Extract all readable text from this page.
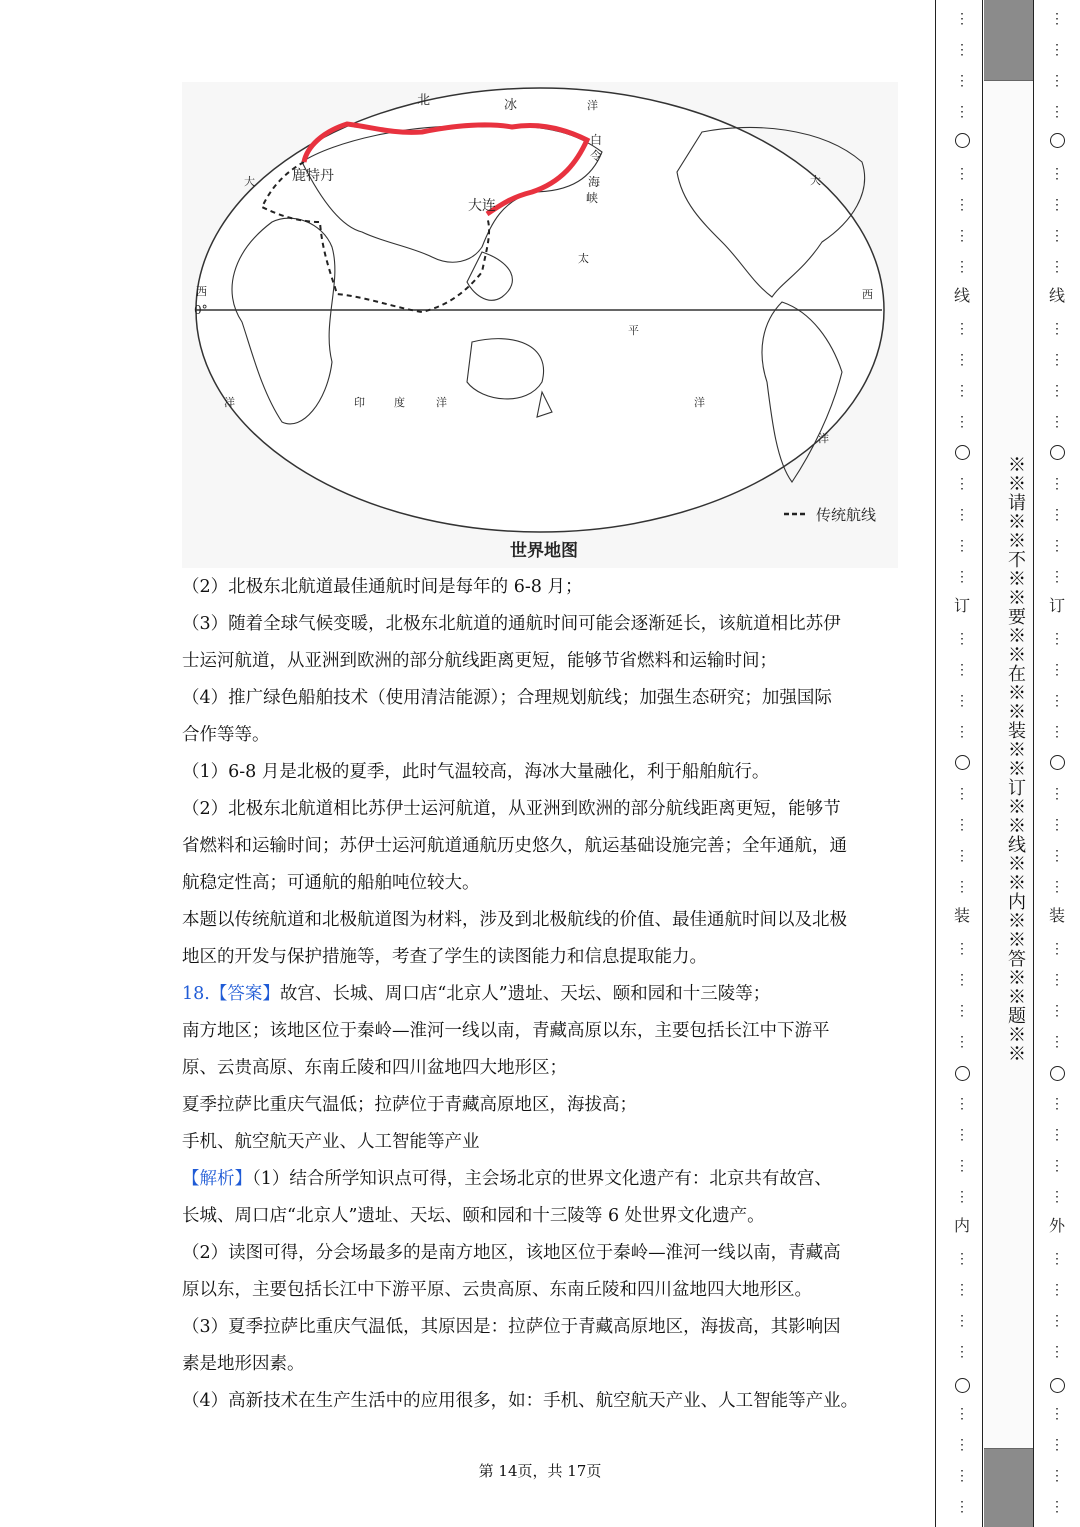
北	冰	洋
鹿特丹
大
白
令
海
峡
大连
大
太
西
0°
西
平
洋	印	度	洋	洋
洋
传统航线
世界地图
（2）北极东北航道最佳通航时间是每年的 6-8 月；
（3）随着全球气候变暖，北极东北航道的通航时间可能会逐渐延长，该航道相比苏伊
士运河航道，从亚洲到欧洲的部分航线距离更短，能够节省燃料和运输时间；
（4）推广绿色船舶技术（使用清洁能源）；合理规划航线；加强生态研究；加强国际
合作等等。
（1）6-8 月是北极的夏季，此时气温较高，海冰大量融化，利于船舶航行。
（2）北极东北航道相比苏伊士运河航道，从亚洲到欧洲的部分航线距离更短，能够节
省燃料和运输时间；苏伊士运河航道通航历史悠久，航运基础设施完善；全年通航，通
航稳定性高；可通航的船舶吨位较大。
本题以传统航道和北极航道图为材料，涉及到北极航线的价值、最佳通航时间以及北极
地区的开发与保护措施等，考查了学生的读图能力和信息提取能力。
18.【答案】故宫、长城、周口店“北京人”遗址、天坛、颐和园和十三陵等；
南方地区；该地区位于秦岭—淮河一线以南，青藏高原以东，主要包括长江中下游平
原、云贵高原、东南丘陵和四川盆地四大地形区；
夏季拉萨比重庆气温低；拉萨位于青藏高原地区，海拔高；
手机、航空航天产业、人工智能等产业
【解析】（1）结合所学知识点可得，主会场北京的世界文化遗产有：北京共有故宫、
长城、周口店“北京人”遗址、天坛、颐和园和十三陵等 6 处世界文化遗产。
（2）读图可得，分会场最多的是南方地区，该地区位于秦岭—淮河一线以南，青藏高
原以东，主要包括长江中下游平原、云贵高原、东南丘陵和四川盆地四大地形区。
（3）夏季拉萨比重庆气温低，其原因是：拉萨位于青藏高原地区，海拔高，其影响因
素是地形因素。
（4）高新技术在生产生活中的应用很多，如：手机、航空航天产业、人工智能等产业。
第 14页，共 17页
※※请※※不※※要※※在※※装※※订※※线※※内※※答※※题※※
⋮
⋮
⋮
⋮
⋮
⋮
⋮
⋮
⋮
⋮
⋮
⋮
⋮
⋮
⋮
⋮
⋮
⋮
⋮
⋮
⋮
⋮
⋮
⋮
⋮
⋮
⋮
⋮
⋮
⋮
⋮
⋮
⋮
⋮
⋮
⋮
⋮
⋮
⋮
⋮
线
订
装
内
⋮
⋮
⋮
⋮
⋮
⋮
⋮
⋮
⋮
⋮
⋮
⋮
⋮
⋮
⋮
⋮
⋮
⋮
⋮
⋮
⋮
⋮
⋮
⋮
⋮
⋮
⋮
⋮
⋮
⋮
⋮
⋮
⋮
⋮
⋮
⋮
⋮
⋮
⋮
⋮
线
订
装
外
